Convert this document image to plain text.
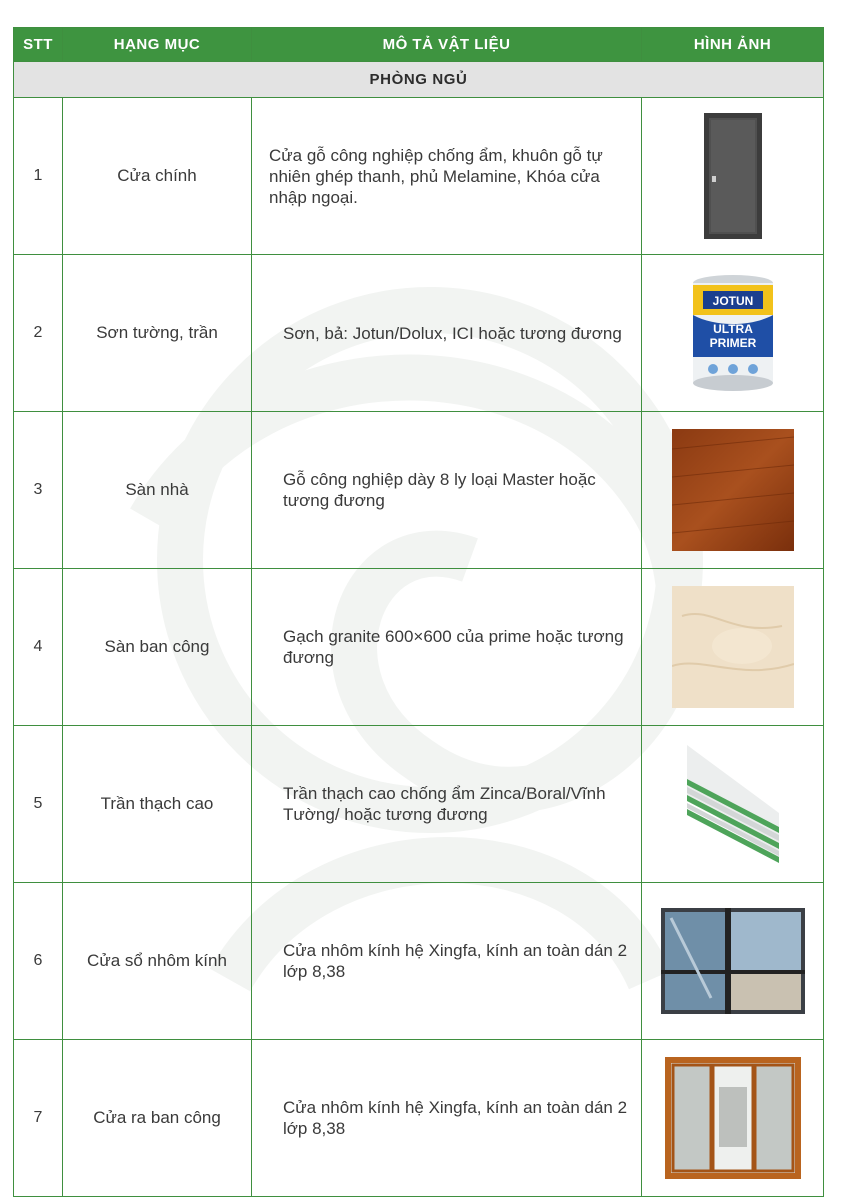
STT	HẠNG MỤC	MÔ TẢ VẬT LIỆU	HÌNH ẢNH
PHÒNG NGỦ			
1	Cửa chính	Cửa gỗ công nghiệp chống ẩm, khuôn gỗ tự nhiên ghép thanh, phủ Melamine, Khóa cửa nhập ngoại.	

2	Sơn tường, trần	Sơn, bả: Jotun/Dolux, ICI hoặc tương đương	JOTUN
ULTRA
PRIMER

3	Sàn nhà	Gỗ công nghiệp dày 8 ly loại Master hoặc tương đương	

4	Sàn ban công	Gạch granite 600×600 của prime hoặc tương đương	

5	Trần thạch cao	Trần thạch cao chống ẩm Zinca/Boral/Vĩnh Tường/ hoặc tương đương	

6	Cửa sổ nhôm kính	Cửa nhôm kính hệ Xingfa, kính an toàn dán 2 lớp 8,38	

7	Cửa ra ban công	Cửa nhôm kính hệ Xingfa, kính an toàn dán 2 lớp 8,38	
